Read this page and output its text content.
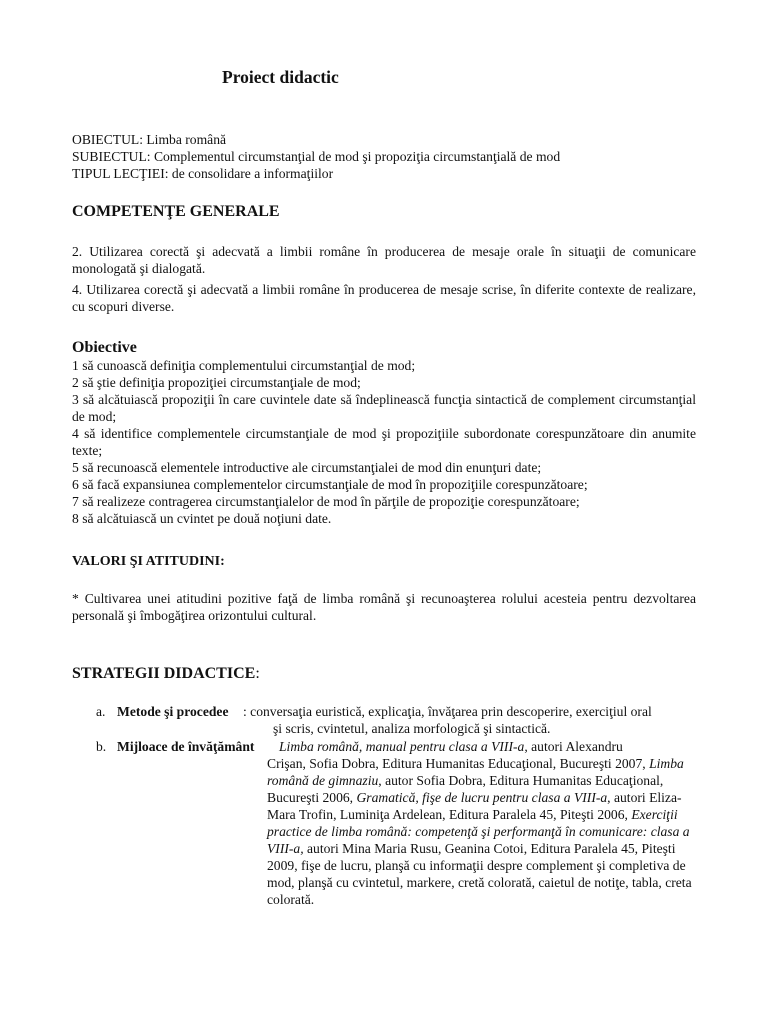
Proiect didactic
OBIECTUL: Limba română
SUBIECTUL: Complementul circumstanţial de mod şi propoziţia circumstanţială de mod
TIPUL LECŢIEI: de consolidare a informaţiilor
COMPETENŢE GENERALE

2. Utilizarea corectă şi adecvată a limbii române în producerea de mesaje orale în situaţii de comunicare monologată şi dialogată.

4. Utilizarea corectă şi adecvată a limbii române în producerea de mesaje scrise, în diferite contexte de realizare, cu scopuri diverse.

Obiective
1 să cunoască definiţia complementului circumstanţial de mod;
2 să ştie definiţia propoziţiei circumstanţiale de mod;
3 să alcătuiască propoziţii în care cuvintele date să îndeplinească funcţia sintactică de complement circumstanţial de mod;
4 să identifice complementele circumstanţiale de mod şi propoziţiile subordonate corespunzătoare din anumite texte;
5 să recunoască elementele introductive ale circumstanţialei de mod din enunţuri date;
6 să facă expansiunea complementelor circumstanţiale de mod în propoziţiile corespunzătoare;
7 să realizeze contragerea circumstanţialelor de mod în părţile de propoziţie corespunzătoare;
8 să alcătuiască un cvintet pe două noţiuni date.
VALORI ŞI ATITUDINI:

* Cultivarea unei atitudini pozitive faţă de limba română şi recunoaşterea rolului acesteia pentru dezvoltarea personală şi îmbogăţirea orizontului cultural.

STRATEGII DIDACTICE:
a. Metode şi procedee : conversaţia euristică, explicaţia, învăţarea prin descoperire, exerciţiul oral
şi scris, cvintetul, analiza morfologică şi sintactică.
b. Mijloace de învăţământ Limba română, manual pentru clasa a VIII-a, autori Alexandru
Crişan, Sofia Dobra, Editura Humanitas Educaţional, Bucureşti 2007, Limba română de gimnaziu, autor Sofia Dobra, Editura Humanitas Educaţional, Bucureşti 2006, Gramatică, fişe de lucru pentru clasa a VIII-a, autori Eliza-Mara Trofin, Luminiţa Ardelean, Editura Paralela 45, Piteşti 2006, Exerciţii practice de limba română: competenţă şi performanţă în comunicare: clasa a VIII-a, autori Mina Maria Rusu, Geanina Cotoi, Editura Paralela 45, Piteşti 2009, fişe de lucru, planşă cu informaţii despre complement şi completiva de mod, planşă cu cvintetul, markere, cretă colorată, caietul de notiţe, tabla, creta colorată.
